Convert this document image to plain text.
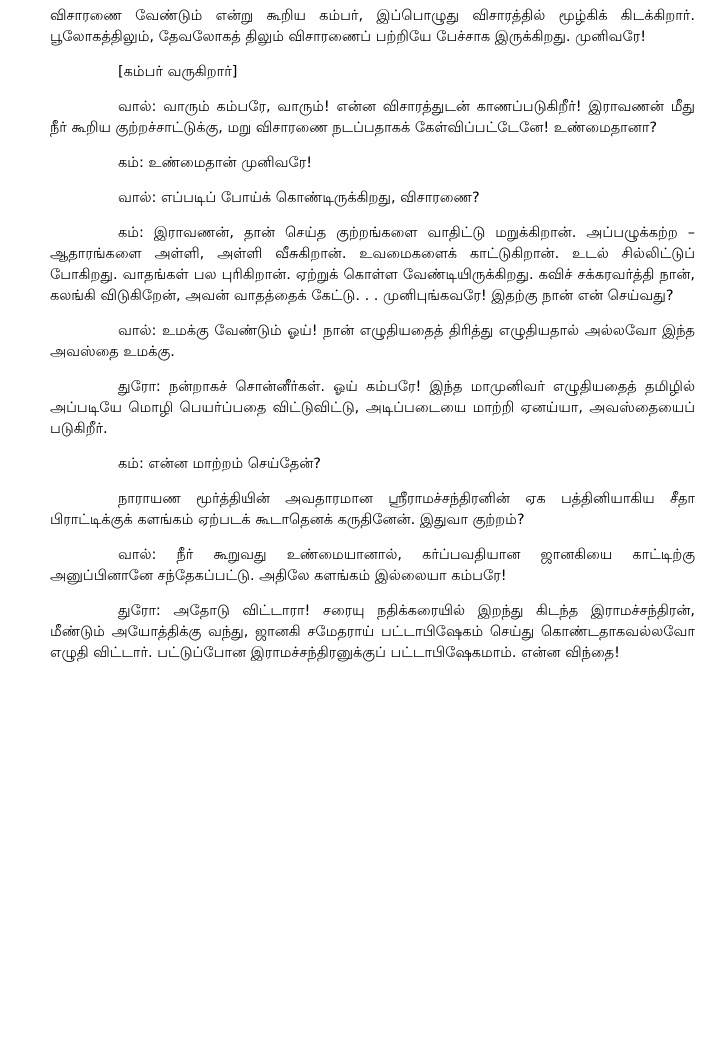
விசாரணை வேண்டும் என்று கூறிய கம்பர், இப்பொழுது விசாரத்தில் மூழ்கிக் கிடக்கிறார். பூலோகத்திலும், தேவலோகத் திலும் விசாரணைப் பற்றியே பேச்சாக இருக்கிறது. முனிவரே!

[கம்பர் வருகிறார்]

வால்: வாரும் கம்பரே, வாரும்! என்ன விசாரத்துடன் காணப்படுகிறீர்! இராவணன் மீது நீர் கூறிய குற்றச்சாட்டுக்கு, மறு விசாரணை நடப்பதாகக் கேள்விப்பட்டேனே! உண்மைதானா?

கம்: உண்மைதான் முனிவரே!

வால்: எப்படிப் போய்க் கொண்டிருக்கிறது, விசாரணை?

கம்: இராவணன், தான் செய்த குற்றங்களை வாதிட்டு மறுக்கிறான். அப்பழுக்கற்ற – ஆதாரங்களை அள்ளி, அள்ளி வீசுகிறான். உவமைகளைக் காட்டுகிறான். உடல் சில்லிட்டுப் போகிறது. வாதங்கள் பல புரிகிறான். ஏற்றுக் கொள்ள வேண்டியிருக்கிறது. கவிச் சக்கரவர்த்தி நான், கலங்கி விடுகிறேன், அவன் வாதத்தைக் கேட்டு. . . முனிபுங்கவரே! இதற்கு நான் என் செய்வது?

வால்: உமக்கு வேண்டும் ஓய்! நான் எழுதியதைத் திரித்து எழுதியதால் அல்லவோ இந்த அவஸ்தை உமக்கு.

துரோ: நன்றாகச் சொன்னீர்கள். ஓய் கம்பரே! இந்த மாமுனிவர் எழுதியதைத் தமிழில் அப்படியே மொழி பெயர்ப்பதை விட்டுவிட்டு, அடிப்படையை மாற்றி ஏனய்யா, அவஸ்தையைப் படுகிறீர்.

கம்: என்ன மாற்றம் செய்தேன்?

நாராயண மூர்த்தியின் அவதாரமான ஸ்ரீராமச்சந்திரனின் ஏக பத்தினியாகிய சீதா பிராட்டிக்குக் களங்கம் ஏற்படக் கூடாதெனக் கருதினேன். இதுவா குற்றம்?

வால்: நீர் கூறுவது உண்மையானால், கர்ப்பவதியான ஜானகியை காட்டிற்கு அனுப்பினானே சந்தேகப்பட்டு. அதிலே களங்கம் இல்லையா கம்பரே!

துரோ: அதோடு விட்டாரா! சரையு நதிக்கரையில் இறந்து கிடந்த இராமச்சந்திரன், மீண்டும் அயோத்திக்கு வந்து, ஜானகி சமேதராய் பட்டாபிஷேகம் செய்து கொண்டதாகவல்லவோ எழுதி விட்டார். பட்டுப்போன இராமச்சந்திரனுக்குப் பட்டாபிஷேகமாம். என்ன விந்தை!
